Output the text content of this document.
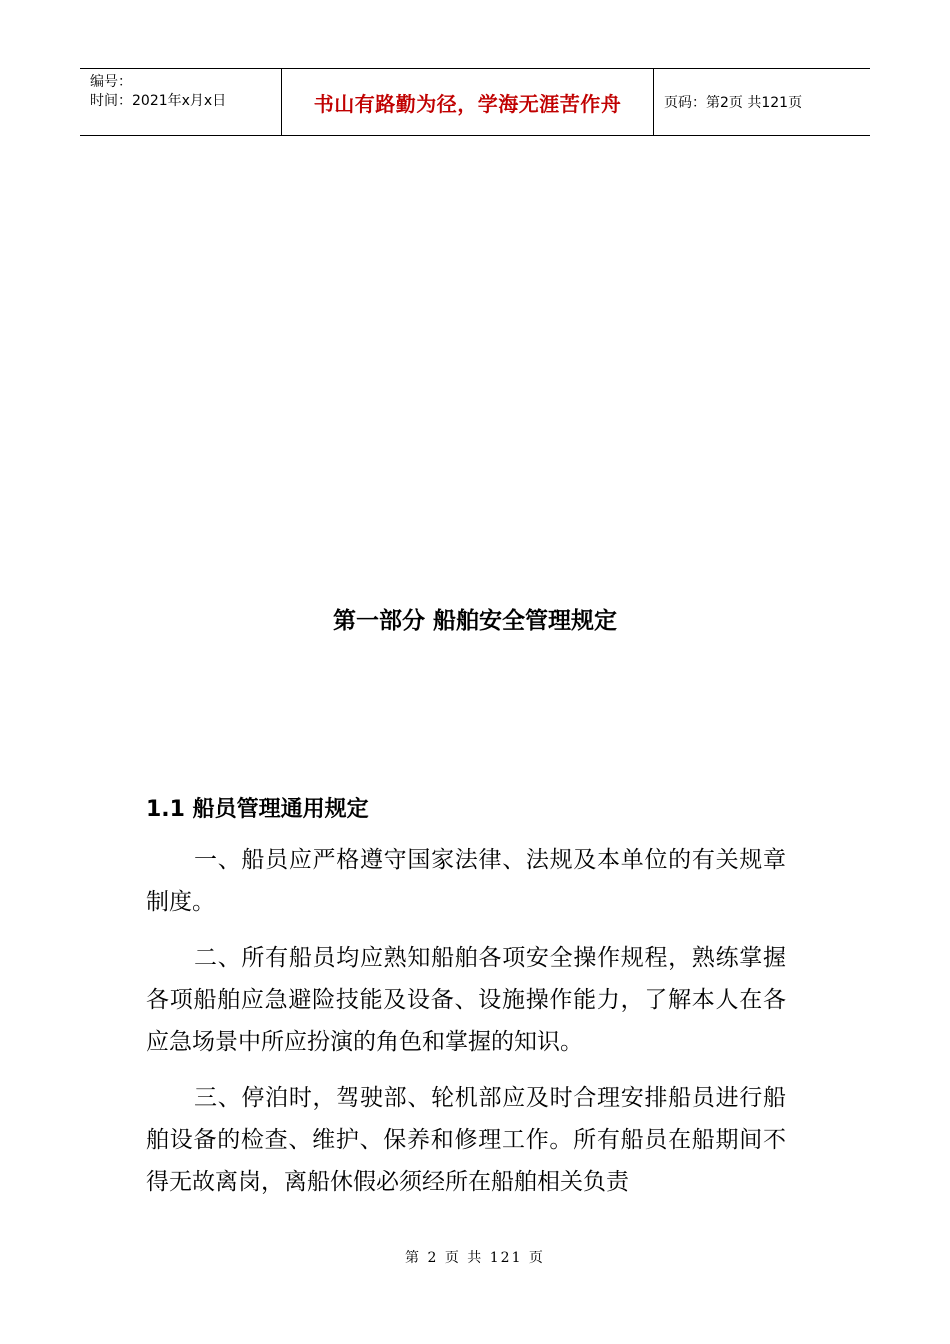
编号：
时间：2021年x月x日	书山有路勤为径，学海无涯苦作舟	页码：第2页 共121页
第一部分 船舶安全管理规定
1.1 船员管理通用规定

一、船员应严格遵守国家法律、法规及本单位的有关规章制度。

二、所有船员均应熟知船舶各项安全操作规程，熟练掌握各项船舶应急避险技能及设备、设施操作能力，了解本人在各应急场景中所应扮演的角色和掌握的知识。

三、停泊时，驾驶部、轮机部应及时合理安排船员进行船舶设备的检查、维护、保养和修理工作。所有船员在船期间不得无故离岗，离船休假必须经所在船舶相关负责

第 2 页 共 121 页
